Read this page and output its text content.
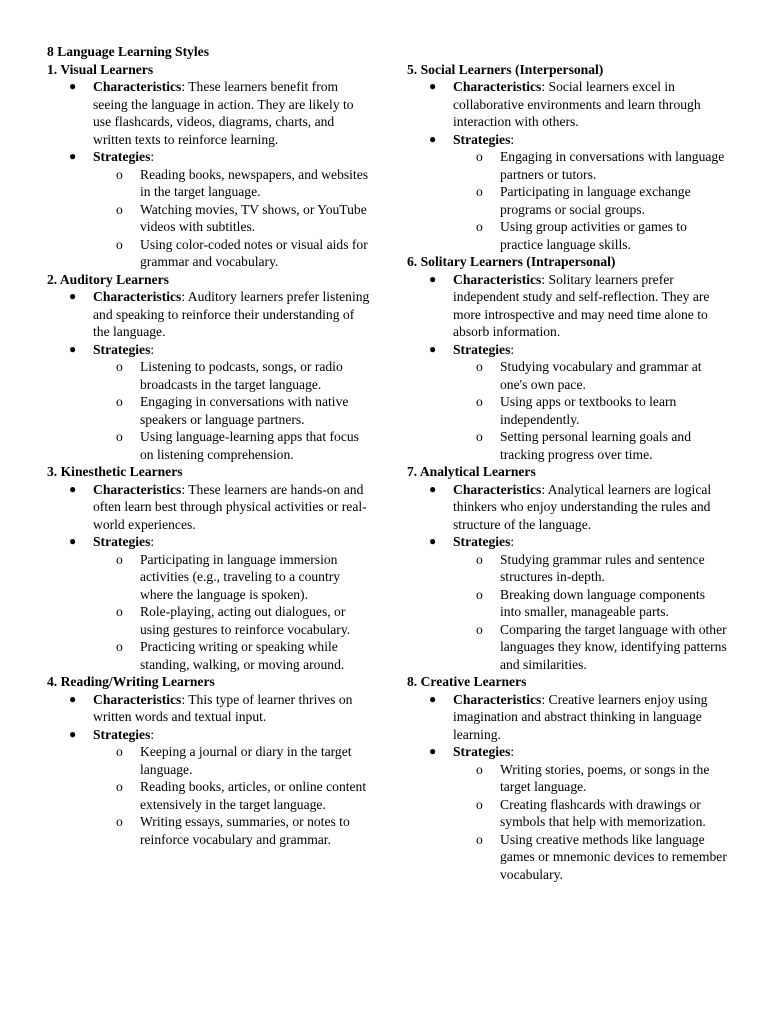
8 Language Learning Styles
1. Visual Learners
● Characteristics: These learners benefit from seeing the language in action. They are likely to use flashcards, videos, diagrams, charts, and written texts to reinforce learning.
● Strategies:
o Reading books, newspapers, and websites in the target language.
o Watching movies, TV shows, or YouTube videos with subtitles.
o Using color-coded notes or visual aids for grammar and vocabulary.
2. Auditory Learners
● Characteristics: Auditory learners prefer listening and speaking to reinforce their understanding of the language.
● Strategies:
o Listening to podcasts, songs, or radio broadcasts in the target language.
o Engaging in conversations with native speakers or language partners.
o Using language-learning apps that focus on listening comprehension.
3. Kinesthetic Learners
● Characteristics: These learners are hands-on and often learn best through physical activities or real-world experiences.
● Strategies:
o Participating in language immersion activities (e.g., traveling to a country where the language is spoken).
o Role-playing, acting out dialogues, or using gestures to reinforce vocabulary.
o Practicing writing or speaking while standing, walking, or moving around.
4. Reading/Writing Learners
● Characteristics: This type of learner thrives on written words and textual input.
● Strategies:
o Keeping a journal or diary in the target language.
o Reading books, articles, or online content extensively in the target language.
o Writing essays, summaries, or notes to reinforce vocabulary and grammar.
5. Social Learners (Interpersonal)
● Characteristics: Social learners excel in collaborative environments and learn through interaction with others.
● Strategies:
o Engaging in conversations with language partners or tutors.
o Participating in language exchange programs or social groups.
o Using group activities or games to practice language skills.
6. Solitary Learners (Intrapersonal)
● Characteristics: Solitary learners prefer independent study and self-reflection. They are more introspective and may need time alone to absorb information.
● Strategies:
o Studying vocabulary and grammar at one's own pace.
o Using apps or textbooks to learn independently.
o Setting personal learning goals and tracking progress over time.
7. Analytical Learners
● Characteristics: Analytical learners are logical thinkers who enjoy understanding the rules and structure of the language.
● Strategies:
o Studying grammar rules and sentence structures in-depth.
o Breaking down language components into smaller, manageable parts.
o Comparing the target language with other languages they know, identifying patterns and similarities.
8. Creative Learners
● Characteristics: Creative learners enjoy using imagination and abstract thinking in language learning.
● Strategies:
o Writing stories, poems, or songs in the target language.
o Creating flashcards with drawings or symbols that help with memorization.
o Using creative methods like language games or mnemonic devices to remember vocabulary.
